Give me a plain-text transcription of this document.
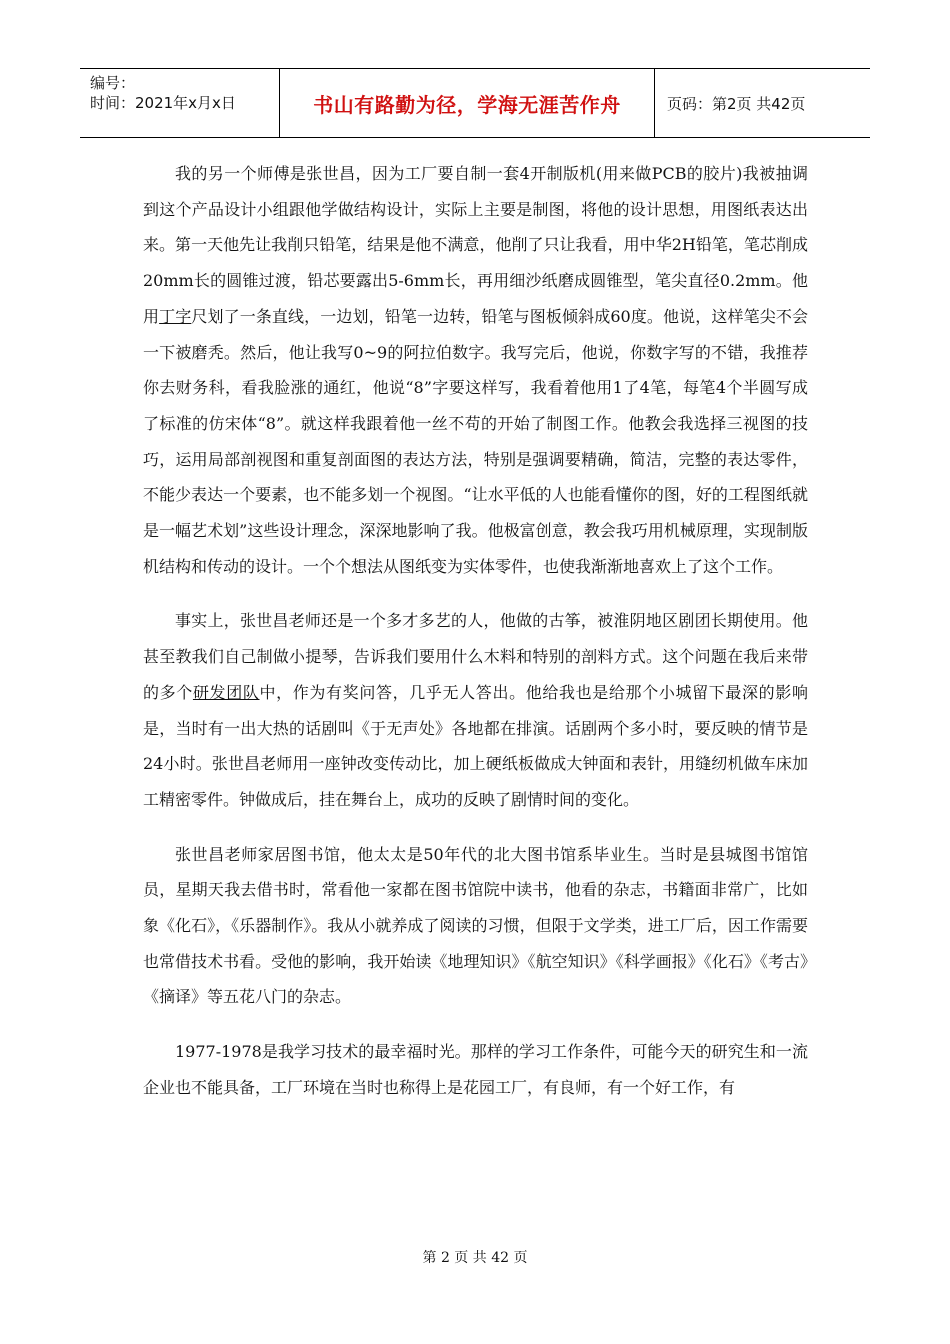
编号：
时间：2021年x月x日	书山有路勤为径，学海无涯苦作舟	页码：第2页 共42页

我的另一个师傅是张世昌，因为工厂要自制一套4开制版机(用来做PCB的胶片)我被抽调到这个产品设计小组跟他学做结构设计，实际上主要是制图，将他的设计思想，用图纸表达出来。第一天他先让我削只铅笔，结果是他不满意，他削了只让我看，用中华2H铅笔，笔芯削成20mm长的圆锥过渡，铅芯要露出5-6mm长，再用细沙纸磨成圆锥型，笔尖直径0.2mm。他用丁字尺划了一条直线，一边划，铅笔一边转，铅笔与图板倾斜成60度。他说，这样笔尖不会一下被磨秃。然后，他让我写0~9的阿拉伯数字。我写完后，他说，你数字写的不错，我推荐你去财务科，看我脸涨的通红，他说“8”字要这样写，我看着他用1了4笔，每笔4个半圆写成了标准的仿宋体“8”。就这样我跟着他一丝不苟的开始了制图工作。他教会我选择三视图的技巧，运用局部剖视图和重复剖面图的表达方法，特别是强调要精确，简洁，完整的表达零件，不能少表达一个要素，也不能多划一个视图。“让水平低的人也能看懂你的图，好的工程图纸就是一幅艺术划”这些设计理念，深深地影响了我。他极富创意，教会我巧用机械原理，实现制版机结构和传动的设计。一个个想法从图纸变为实体零件，也使我渐渐地喜欢上了这个工作。

事实上，张世昌老师还是一个多才多艺的人，他做的古筝，被淮阴地区剧团长期使用。他甚至教我们自己制做小提琴，告诉我们要用什么木料和特别的剖料方式。这个问题在我后来带的多个研发团队中，作为有奖问答，几乎无人答出。他给我也是给那个小城留下最深的影响是，当时有一出大热的话剧叫《于无声处》各地都在排演。话剧两个多小时，要反映的情节是24小时。张世昌老师用一座钟改变传动比，加上硬纸板做成大钟面和表针，用缝纫机做车床加工精密零件。钟做成后，挂在舞台上，成功的反映了剧情时间的变化。

张世昌老师家居图书馆，他太太是50年代的北大图书馆系毕业生。当时是县城图书馆馆员，星期天我去借书时，常看他一家都在图书馆院中读书，他看的杂志，书籍面非常广，比如象《化石》，《乐器制作》。我从小就养成了阅读的习惯，但限于文学类，进工厂后，因工作需要也常借技术书看。受他的影响，我开始读《地理知识》《航空知识》《科学画报》《化石》《考古》《摘译》等五花八门的杂志。

1977-1978是我学习技术的最幸福时光。那样的学习工作条件，可能今天的研究生和一流企业也不能具备，工厂环境在当时也称得上是花园工厂，有良师，有一个好工作，有

第 2 页 共 42 页
